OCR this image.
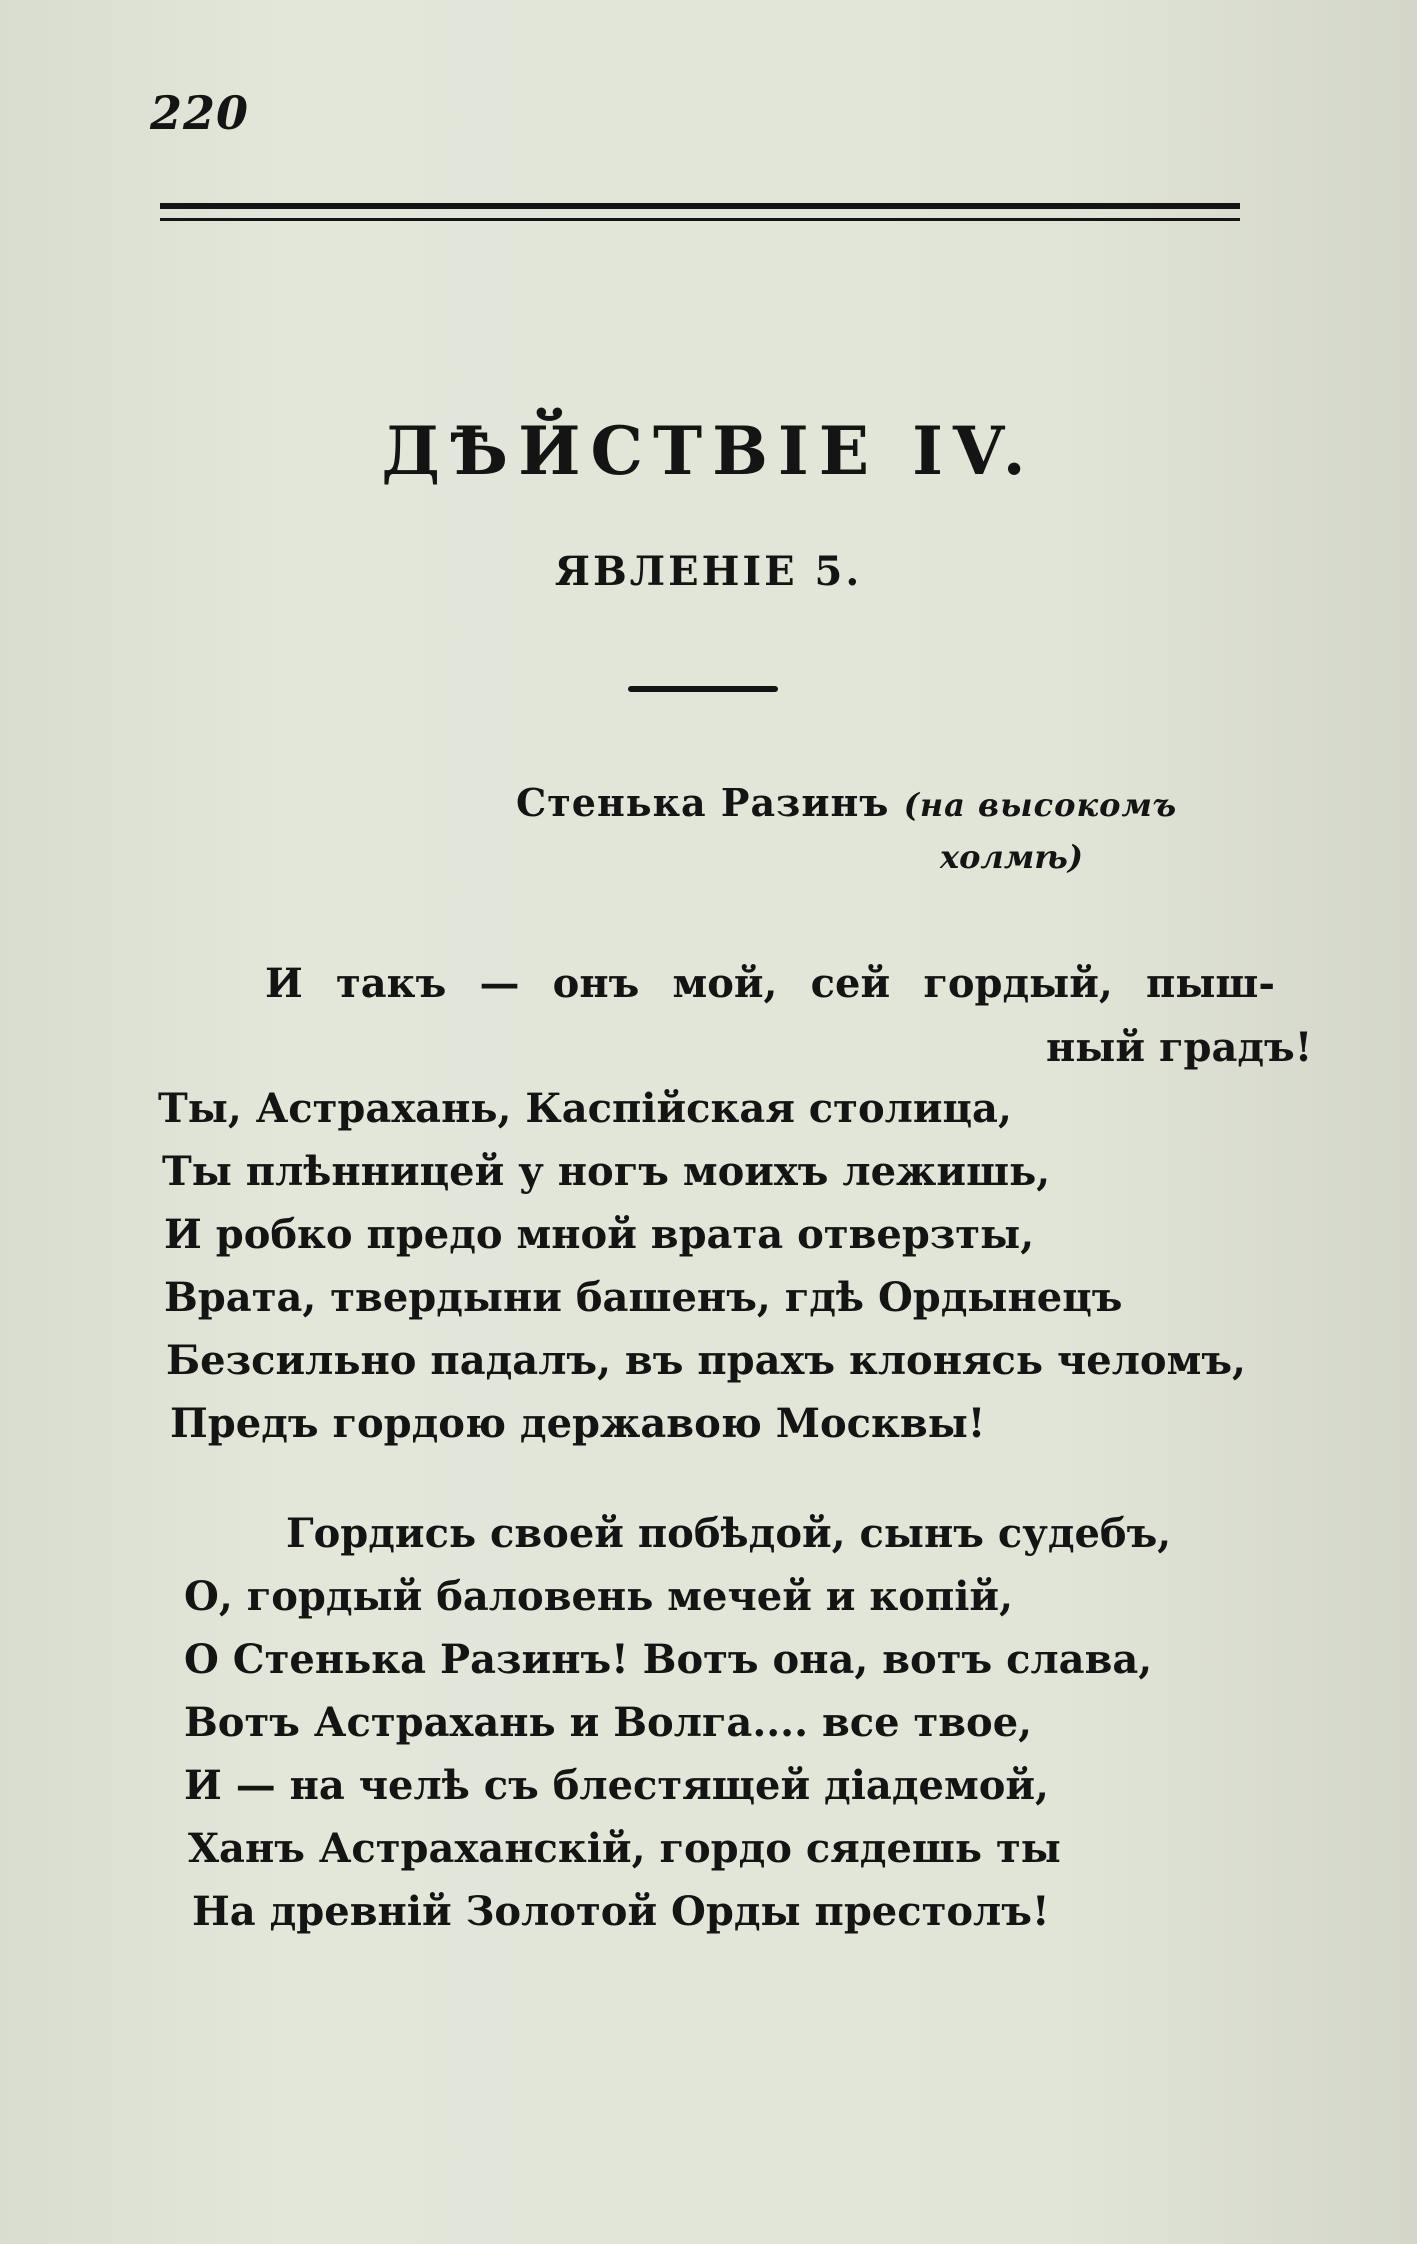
220
ДѢЙСТВІЕ IV.
ЯВЛЕНІЕ 5.
Стенька Разинъ (на высокомъ
холмѣ)
И такъ — онъ мой, сей гордый, пыш-
ный градъ!
Ты, Астрахань, Каспійская столица,
Ты плѣнницей у ногъ моихъ лежишь,
И робко предо мной врата отверзты,
Врата, твердыни башенъ, гдѣ Ордынецъ
Безсильно падалъ, въ прахъ клонясь челомъ,
Предъ гордою державою Москвы!
Гордись своей побѣдой, сынъ судебъ,
О, гордый баловень мечей и копій,
О Стенька Разинъ! Вотъ она, вотъ слава,
Вотъ Астрахань и Волга.... все твое,
И — на челѣ съ блестящей діадемой,
Ханъ Астраханскій, гордо сядешь ты
На древній Золотой Орды престолъ!
